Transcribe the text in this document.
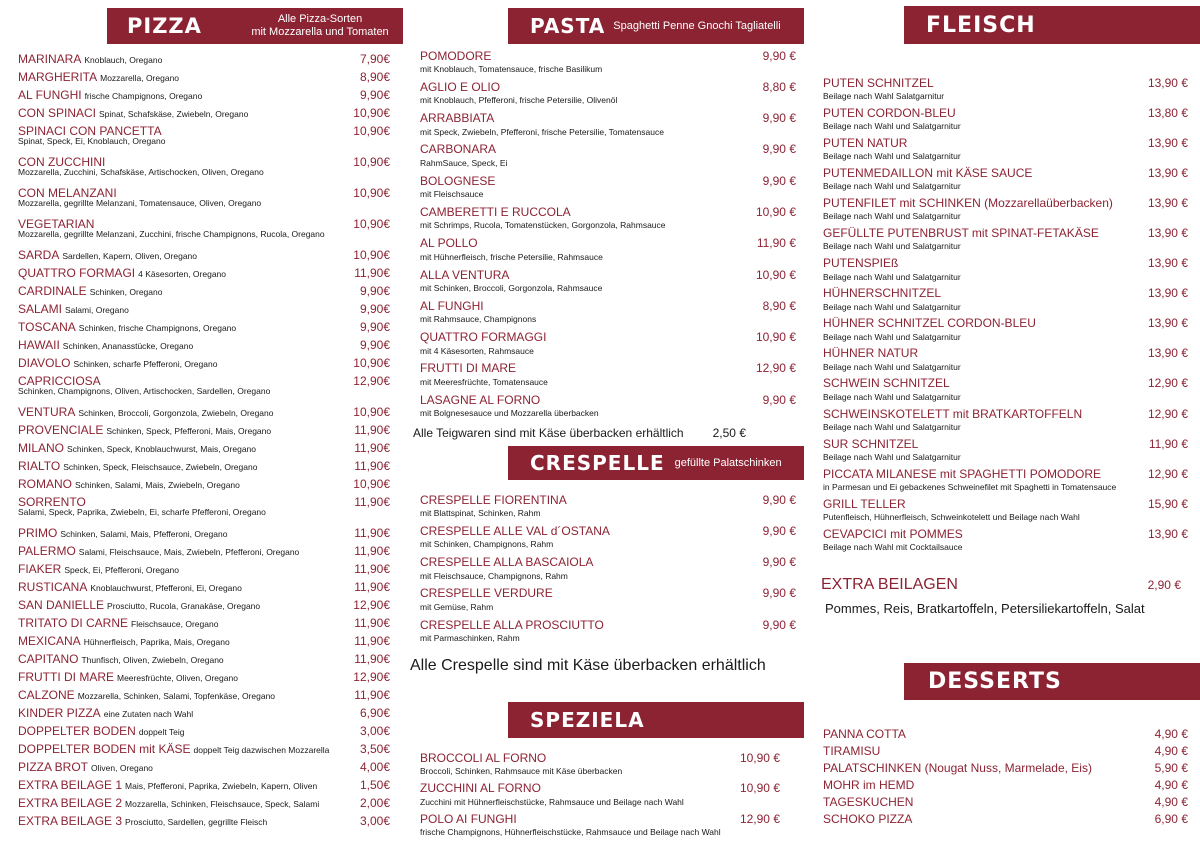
PIZZA	Alle Pizza-Sorten
mit Mozzarella und Tomaten
MARINARA Knoblauch, Oregano	7,90€
MARGHERITA Mozzarella, Oregano	8,90€
AL FUNGHI frische Champignons, Oregano	9,90€
CON SPINACI Spinat, Schafskäse, Zwiebeln, Oregano	10,90€
SPINACI CON PANCETTA	10,90€
Spinat, Speck, Ei, Knoblauch, Oregano
CON ZUCCHINI	10,90€
Mozzarella, Zucchini, Schafskäse, Artischocken, Oliven, Oregano
CON MELANZANI	10,90€
Mozzarella, gegrillte Melanzani, Tomatensauce, Oliven, Oregano
VEGETARIAN	10,90€
Mozzarella, gegrillte Melanzani, Zucchini, frische Champignons, Rucola, Oregano
SARDA Sardellen, Kapern, Oliven, Oregano	10,90€
QUATTRO FORMAGI 4 Käsesorten, Oregano	11,90€
CARDINALE Schinken, Oregano	9,90€
SALAMI Salami, Oregano	9,90€
TOSCANA Schinken, frische Champignons, Oregano	9,90€
HAWAII Schinken, Ananasstücke, Oregano	9,90€
DIAVOLO Schinken, scharfe Pfefferoni, Oregano	10,90€
CAPRICCIOSA	12,90€
Schinken, Champignons, Oliven, Artischocken, Sardellen, Oregano
VENTURA Schinken, Broccoli, Gorgonzola, Zwiebeln, Oregano	10,90€
PROVENCIALE Schinken, Speck, Pfefferoni, Mais, Oregano	11,90€
MILANO Schinken, Speck, Knoblauchwurst, Mais, Oregano	11,90€
RIALTO Schinken, Speck, Fleischsauce, Zwiebeln, Oregano	11,90€
ROMANO Schinken, Salami, Mais, Zwiebeln, Oregano	10,90€
SORRENTO	11,90€
Salami, Speck, Paprika, Zwiebeln, Ei, scharfe Pfefferoni, Oregano
PRIMO Schinken, Salami, Mais, Pfefferoni, Oregano	11,90€
PALERMO Salami, Fleischsauce, Mais, Zwiebeln, Pfefferoni, Oregano	11,90€
FIAKER Speck, Ei, Pfefferoni, Oregano	11,90€
RUSTICANA Knoblauchwurst, Pfefferoni, Ei, Oregano	11,90€
SAN DANIELLE Prosciutto, Rucola, Granakäse, Oregano	12,90€
TRITATO DI CARNE Fleischsauce, Oregano	11,90€
MEXICANA Hühnerfleisch, Paprika, Mais, Oregano	11,90€
CAPITANO Thunfisch, Oliven, Zwiebeln, Oregano	11,90€
FRUTTI DI MARE Meeresfrüchte, Oliven, Oregano	12,90€
CALZONE Mozzarella, Schinken, Salami, Topfenkäse, Oregano	11,90€
KINDER PIZZA eine Zutaten nach Wahl	6,90€
DOPPELTER BODEN doppelt Teig	3,00€
DOPPELTER BODEN mit KÄSE doppelt Teig dazwischen Mozzarella	3,50€
PIZZA BROT Oliven, Oregano	4,00€
EXTRA BEILAGE 1 Mais, Pfefferoni, Paprika, Zwiebeln, Kapern, Oliven	1,50€
EXTRA BEILAGE 2 Mozzarella, Schinken, Fleischsauce, Speck, Salami	2,00€
EXTRA BEILAGE 3 Prosciutto, Sardellen, gegrillte Fleisch	3,00€
PASTA Spaghetti Penne Gnochi Tagliatelli
POMODORE	9,90 €
mit Knoblauch, Tomatensauce, frische Basilikum
AGLIO E OLIO	8,80 €
mit Knoblauch, Pfefferoni, frische Petersilie, Olivenöl
ARRABBIATA	9,90 €
mit Speck, Zwiebeln, Pfefferoni, frische Petersilie, Tomatensauce
CARBONARA	9,90 €
RahmSauce, Speck, Ei
BOLOGNESE	9,90 €
mit Fleischsauce
CAMBERETTI E RUCCOLA	10,90 €
mit Schrimps, Rucola, Tomatenstücken, Gorgonzola, Rahmsauce
AL POLLO	11,90 €
mit Hühnerfleisch, frische Petersilie, Rahmsauce
ALLA VENTURA	10,90 €
mit Schinken, Broccoli, Gorgonzola, Rahmsauce
AL FUNGHI	8,90 €
mit Rahmsauce, Champignons
QUATTRO FORMAGGI	10,90 €
mit 4 Käsesorten, Rahmsauce
FRUTTI DI MARE	12,90 €
mit Meeresfrüchte, Tomatensauce
LASAGNE AL FORNO	9,90 €
mit Bolgnesesauce und Mozzarella überbacken
Alle Teigwaren sind mit Käse überbacken erhältlich 2,50 €
CRESPELLE gefüllte Palatschinken
CRESPELLE FIORENTINA	9,90 €
mit Blattspinat, Schinken, Rahm
CRESPELLE ALLE VAL d´OSTANA	9,90 €
mit Schinken, Champignons, Rahm
CRESPELLE ALLA BASCAIOLA	9,90 €
mit Fleischsauce, Champignons, Rahm
CRESPELLE VERDURE	9,90 €
mit Gemüse, Rahm
CRESPELLE ALLA PROSCIUTTO	9,90 €
mit Parmaschinken, Rahm
Alle Crespelle sind mit Käse überbacken erhältlich
SPEZIELA
BROCCOLI AL FORNO	10,90 €
Broccoli, Schinken, Rahmsauce mit Käse überbacken
ZUCCHINI AL FORNO	10,90 €
Zucchini mit Hühnerfleischstücke, Rahmsauce und Beilage nach Wahl
POLO AI FUNGHI	12,90 €
frische Champignons, Hühnerfleischstücke, Rahmsauce und Beilage nach Wahl
FLEISCH
PUTEN SCHNITZEL	13,90 €
Beilage nach Wahl Salatgarnitur
PUTEN CORDON-BLEU	13,80 €
Beilage nach Wahl und Salatgarnitur
PUTEN NATUR	13,90 €
Beilage nach Wahl und Salatgarnitur
PUTENMEDAILLON mit KÄSE SAUCE	13,90 €
Beilage nach Wahl und Salatgarnitur
PUTENFILET mit SCHINKEN (Mozzarellaüberbacken)	13,90 €
Beilage nach Wahl und Salatgarnitur
GEFÜLLTE PUTENBRUST mit SPINAT-FETAKÄSE	13,90 €
Beilage nach Wahl und Salatgarnitur
PUTENSPIEß	13,90 €
Beilage nach Wahl und Salatgarnitur
HÜHNERSCHNITZEL	13,90 €
Beilage nach Wahl und Salatgarnitur
HÜHNER SCHNITZEL CORDON-BLEU	13,90 €
Beilage nach Wahl und Salatgarnitur
HÜHNER NATUR	13,90 €
Beilage nach Wahl und Salatgarnitur
SCHWEIN SCHNITZEL	12,90 €
Beilage nach Wahl und Salatgarnitur
SCHWEINSKOTELETT mit BRATKARTOFFELN	12,90 €
Beilage nach Wahl und Salatgarnitur
SUR SCHNITZEL	11,90 €
Beilage nach Wahl und Salatgarnitur
PICCATA MILANESE mit SPAGHETTI POMODORE	12,90 €
in Parmesan und Ei gebackenes Schweinefilet mit Spaghetti in Tomatensauce
GRILL TELLER	15,90 €
Putenfleisch, Hühnerfleisch, Schweinkotelett und Beilage nach Wahl
CEVAPCICI mit POMMES	13,90 €
Beilage nach Wahl mit Cocktailsauce
EXTRA BEILAGEN	2,90 €
Pommes, Reis, Bratkartoffeln, Petersiliekartoffeln, Salat
DESSERTS
PANNA COTTA	4,90 €
TIRAMISU	4,90 €
PALATSCHINKEN (Nougat Nuss, Marmelade, Eis)	5,90 €
MOHR im HEMD	4,90 €
TAGESKUCHEN	4,90 €
SCHOKO PIZZA	6,90 €
